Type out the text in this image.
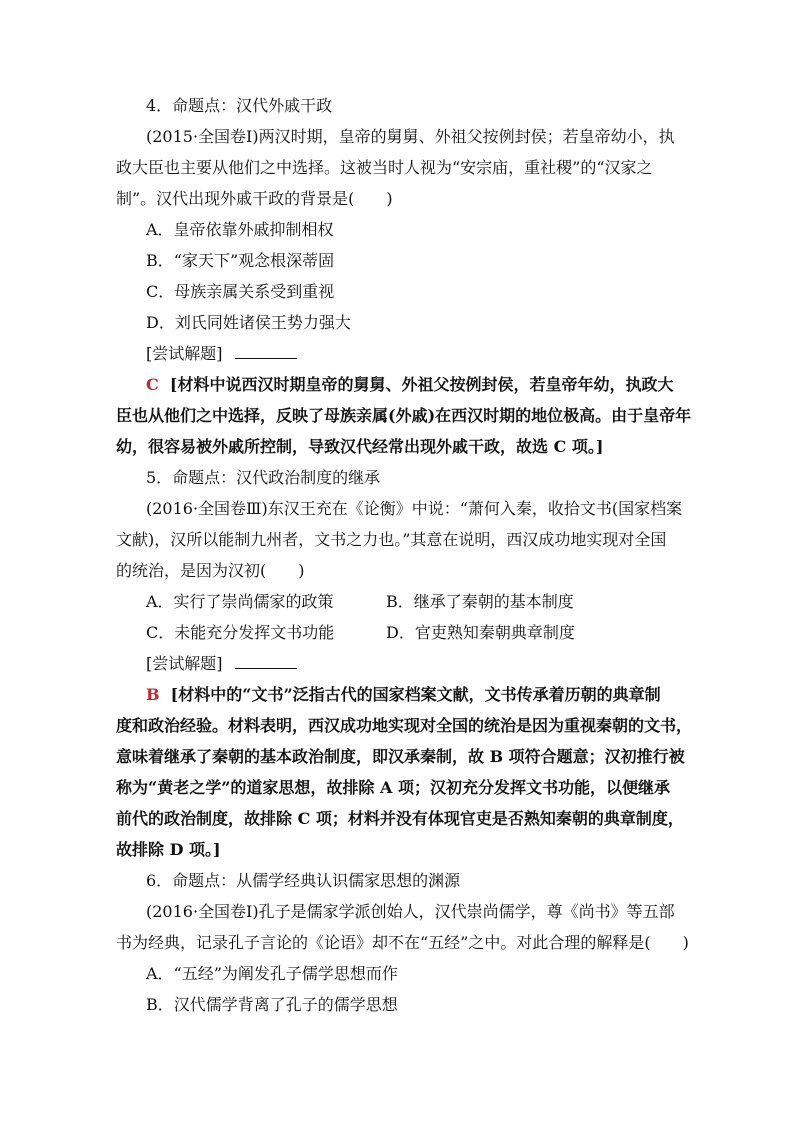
4．命题点：汉代外戚干政
(2015·全国卷Ⅰ)两汉时期，皇帝的舅舅、外祖父按例封侯；若皇帝幼小，执
政大臣也主要从他们之中选择。这被当时人视为“安宗庙，重社稷”的“汉家之
制”。汉代出现外戚干政的背景是(　　)
A．皇帝依靠外戚抑制相权
B．“家天下”观念根深蒂固
C．母族亲属关系受到重视
D．刘氏同姓诸侯王势力强大
[尝试解题]
C [材料中说西汉时期皇帝的舅舅、外祖父按例封侯，若皇帝年幼，执政大
臣也从他们之中选择，反映了母族亲属(外戚)在西汉时期的地位极高。由于皇帝年
幼，很容易被外戚所控制，导致汉代经常出现外戚干政，故选 C 项。]
5．命题点：汉代政治制度的继承
(2016·全国卷Ⅲ)东汉王充在《论衡》中说：“萧何入秦，收拾文书(国家档案
文献)，汉所以能制九州者，文书之力也。”其意在说明，西汉成功地实现对全国
的统治，是因为汉初(　　)
A．实行了崇尚儒家的政策	B．继承了秦朝的基本制度
C．未能充分发挥文书功能	D．官吏熟知秦朝典章制度
[尝试解题]
B [材料中的“文书”泛指古代的国家档案文献，文书传承着历朝的典章制
度和政治经验。材料表明，西汉成功地实现对全国的统治是因为重视秦朝的文书，
意味着继承了秦朝的基本政治制度，即汉承秦制，故 B 项符合题意；汉初推行被
称为“黄老之学”的道家思想，故排除 A 项；汉初充分发挥文书功能，以便继承
前代的政治制度，故排除 C 项；材料并没有体现官吏是否熟知秦朝的典章制度，
故排除 D 项。]
6．命题点：从儒学经典认识儒家思想的渊源
(2016·全国卷Ⅰ)孔子是儒家学派创始人，汉代崇尚儒学，尊《尚书》等五部
书为经典，记录孔子言论的《论语》却不在“五经”之中。对此合理的解释是(　　)
A．“五经”为阐发孔子儒学思想而作
B．汉代儒学背离了孔子的儒学思想
